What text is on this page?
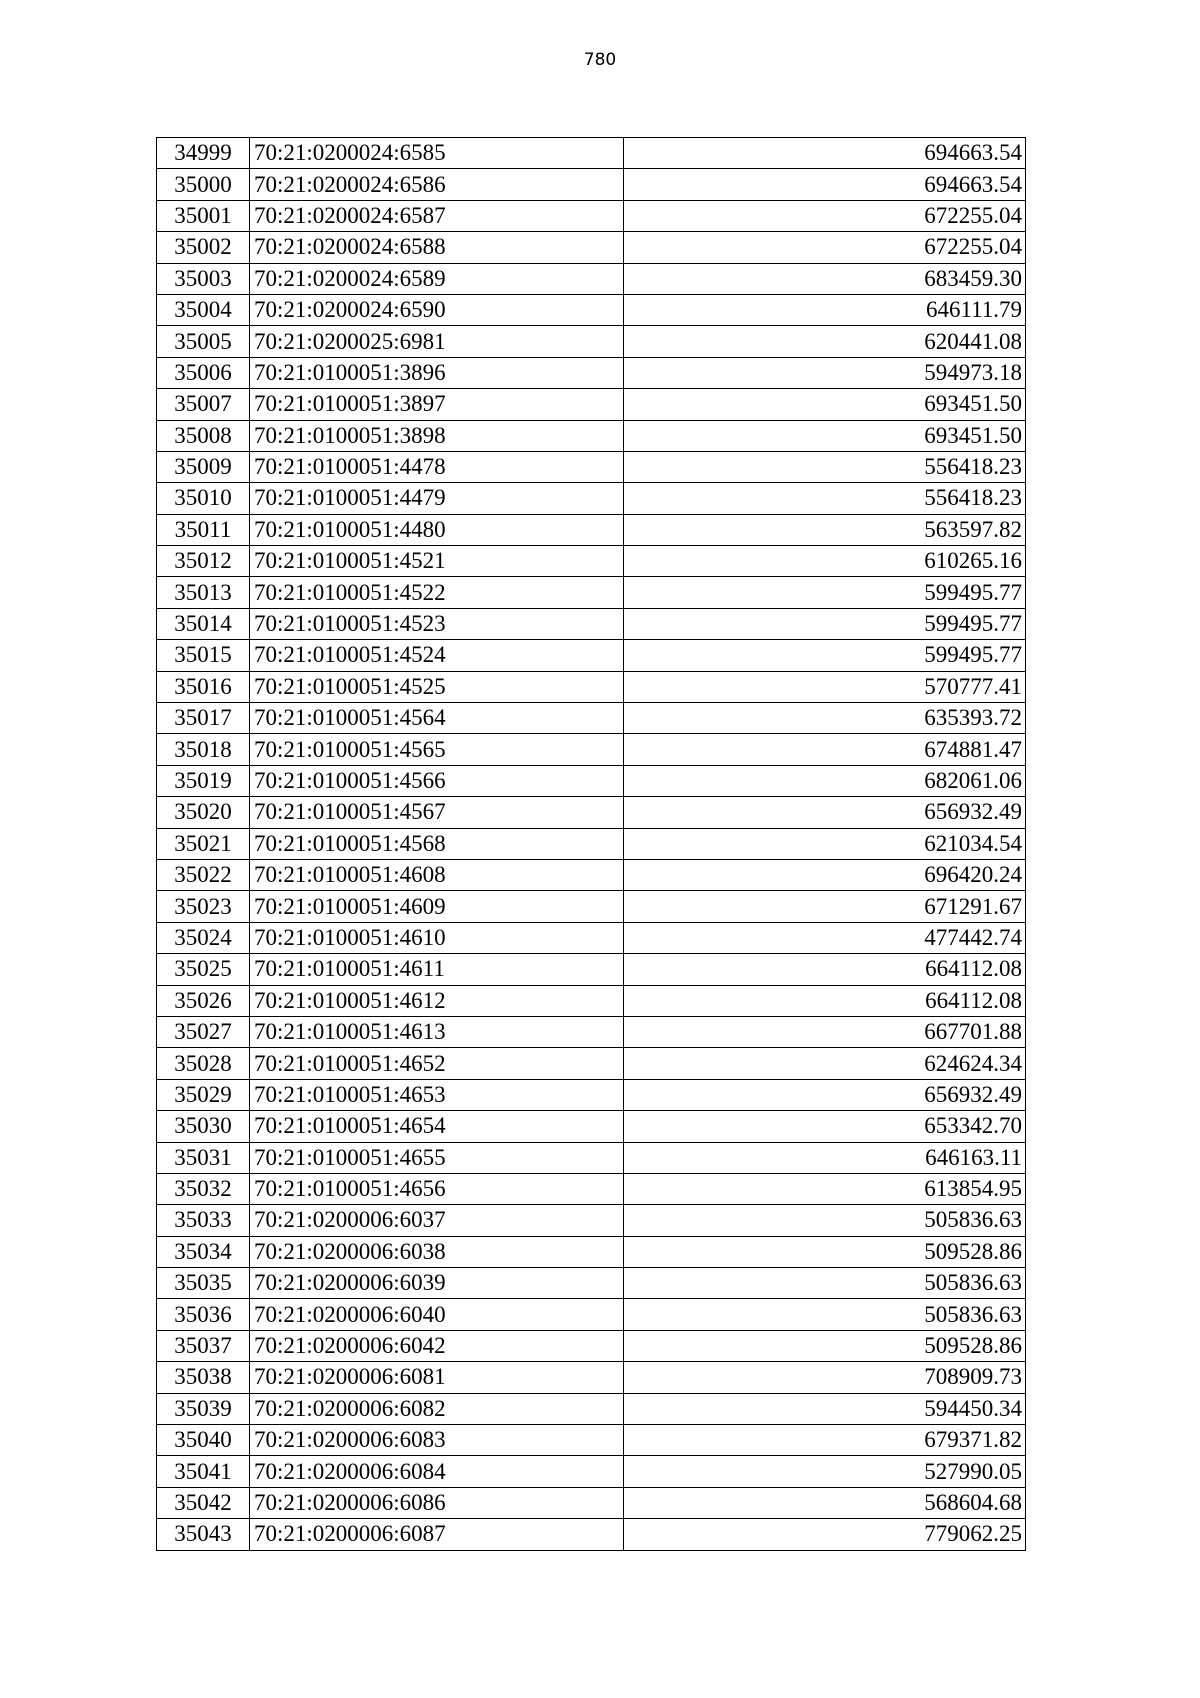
780
34999	70:21:0200024:6585	694663.54
35000	70:21:0200024:6586	694663.54
35001	70:21:0200024:6587	672255.04
35002	70:21:0200024:6588	672255.04
35003	70:21:0200024:6589	683459.30
35004	70:21:0200024:6590	646111.79
35005	70:21:0200025:6981	620441.08
35006	70:21:0100051:3896	594973.18
35007	70:21:0100051:3897	693451.50
35008	70:21:0100051:3898	693451.50
35009	70:21:0100051:4478	556418.23
35010	70:21:0100051:4479	556418.23
35011	70:21:0100051:4480	563597.82
35012	70:21:0100051:4521	610265.16
35013	70:21:0100051:4522	599495.77
35014	70:21:0100051:4523	599495.77
35015	70:21:0100051:4524	599495.77
35016	70:21:0100051:4525	570777.41
35017	70:21:0100051:4564	635393.72
35018	70:21:0100051:4565	674881.47
35019	70:21:0100051:4566	682061.06
35020	70:21:0100051:4567	656932.49
35021	70:21:0100051:4568	621034.54
35022	70:21:0100051:4608	696420.24
35023	70:21:0100051:4609	671291.67
35024	70:21:0100051:4610	477442.74
35025	70:21:0100051:4611	664112.08
35026	70:21:0100051:4612	664112.08
35027	70:21:0100051:4613	667701.88
35028	70:21:0100051:4652	624624.34
35029	70:21:0100051:4653	656932.49
35030	70:21:0100051:4654	653342.70
35031	70:21:0100051:4655	646163.11
35032	70:21:0100051:4656	613854.95
35033	70:21:0200006:6037	505836.63
35034	70:21:0200006:6038	509528.86
35035	70:21:0200006:6039	505836.63
35036	70:21:0200006:6040	505836.63
35037	70:21:0200006:6042	509528.86
35038	70:21:0200006:6081	708909.73
35039	70:21:0200006:6082	594450.34
35040	70:21:0200006:6083	679371.82
35041	70:21:0200006:6084	527990.05
35042	70:21:0200006:6086	568604.68
35043	70:21:0200006:6087	779062.25
